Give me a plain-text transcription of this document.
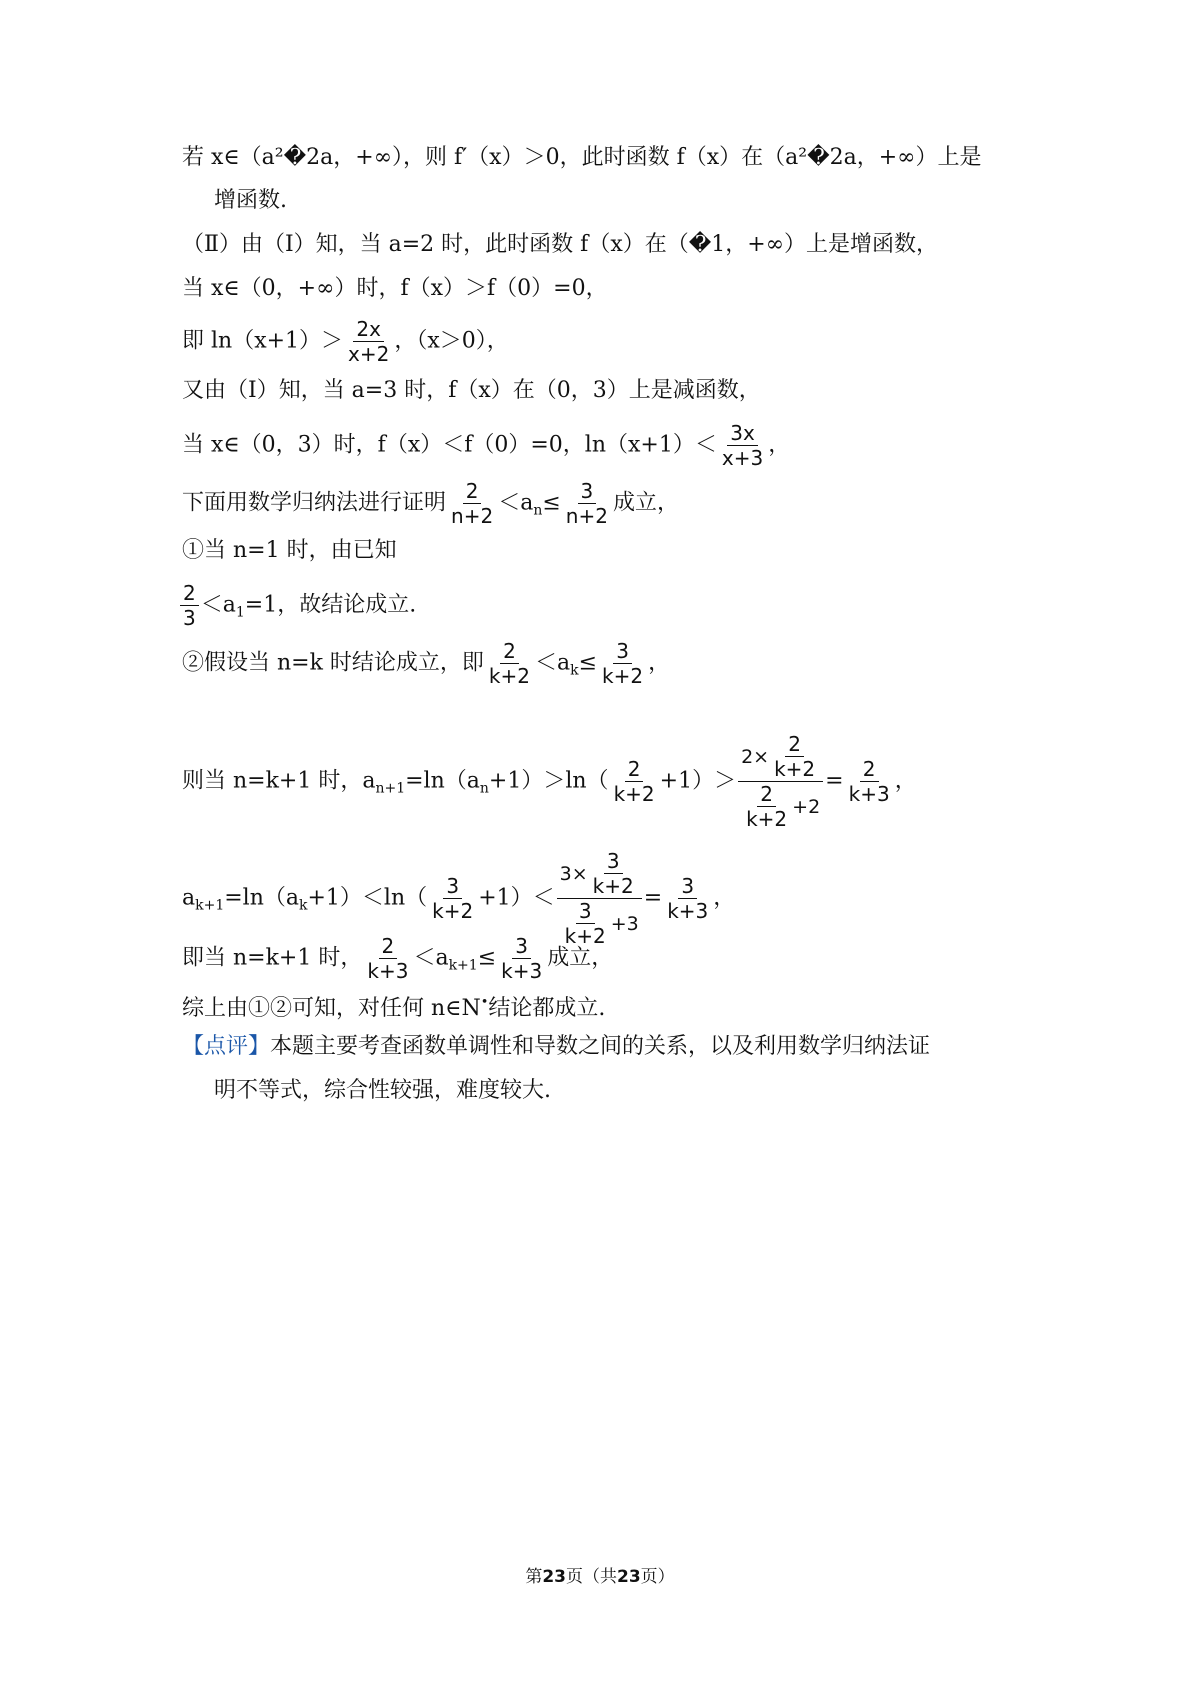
若 x∈（a²�2a，+∞），则 f′（x）＞0，此时函数 f（x）在（a²�2a，+∞）上是
增函数.
（Ⅱ）由（Ⅰ）知，当 a=2 时，此时函数 f（x）在（�1，+∞）上是增函数，
当 x∈（0，+∞）时，f（x）＞f（0）=0，
即 $\ln(x+1)> \frac{2x}{x+2}$ ，（x＞0），
又由（Ⅰ）知，当 a=3 时，f（x）在（0，3）上是减函数，
当 x∈（0，3）时，f（x）＜f（0）=0，$\ln(x+1)< \frac{3x}{x+3}$ ，
下面用数学归纳法进行证明 $\frac{2}{n+2} <a_n\le \frac{3}{n+2}$ 成立，
①当 n=1 时，由已知
$\frac{2}{3} <a_1=1$，故结论成立.
②假设当 n=k 时结论成立，即 $\frac{2}{k+2} <a_k\le \frac{3}{k+2}$ ，
则当 n=k+1 时，$a_{n+1}=\ln(a_n+1)>\ln( \frac{2}{k+2} +1)> \frac{2\times \frac{2}{k+2}}{\frac{2}{k+2} +2} = \frac{2}{k+3}$ ，
$a_{k+1}=\ln(a_k+1)<\ln( \frac{3}{k+2} +1)< \frac{3\times \frac{3}{k+2}}{\frac{3}{k+2} +3} = \frac{3}{k+3}$ ，
即当 n=k+1 时， $\frac{2}{k+3} <a_{k+1}\le \frac{3}{k+3}$ 成立，
综上由①②可知，对任何 n∈N•结论都成立.
【点评】本题主要考查函数单调性和导数之间的关系，以及利用数学归纳法证
明不等式，综合性较强，难度较大.
第23页（共23页）
